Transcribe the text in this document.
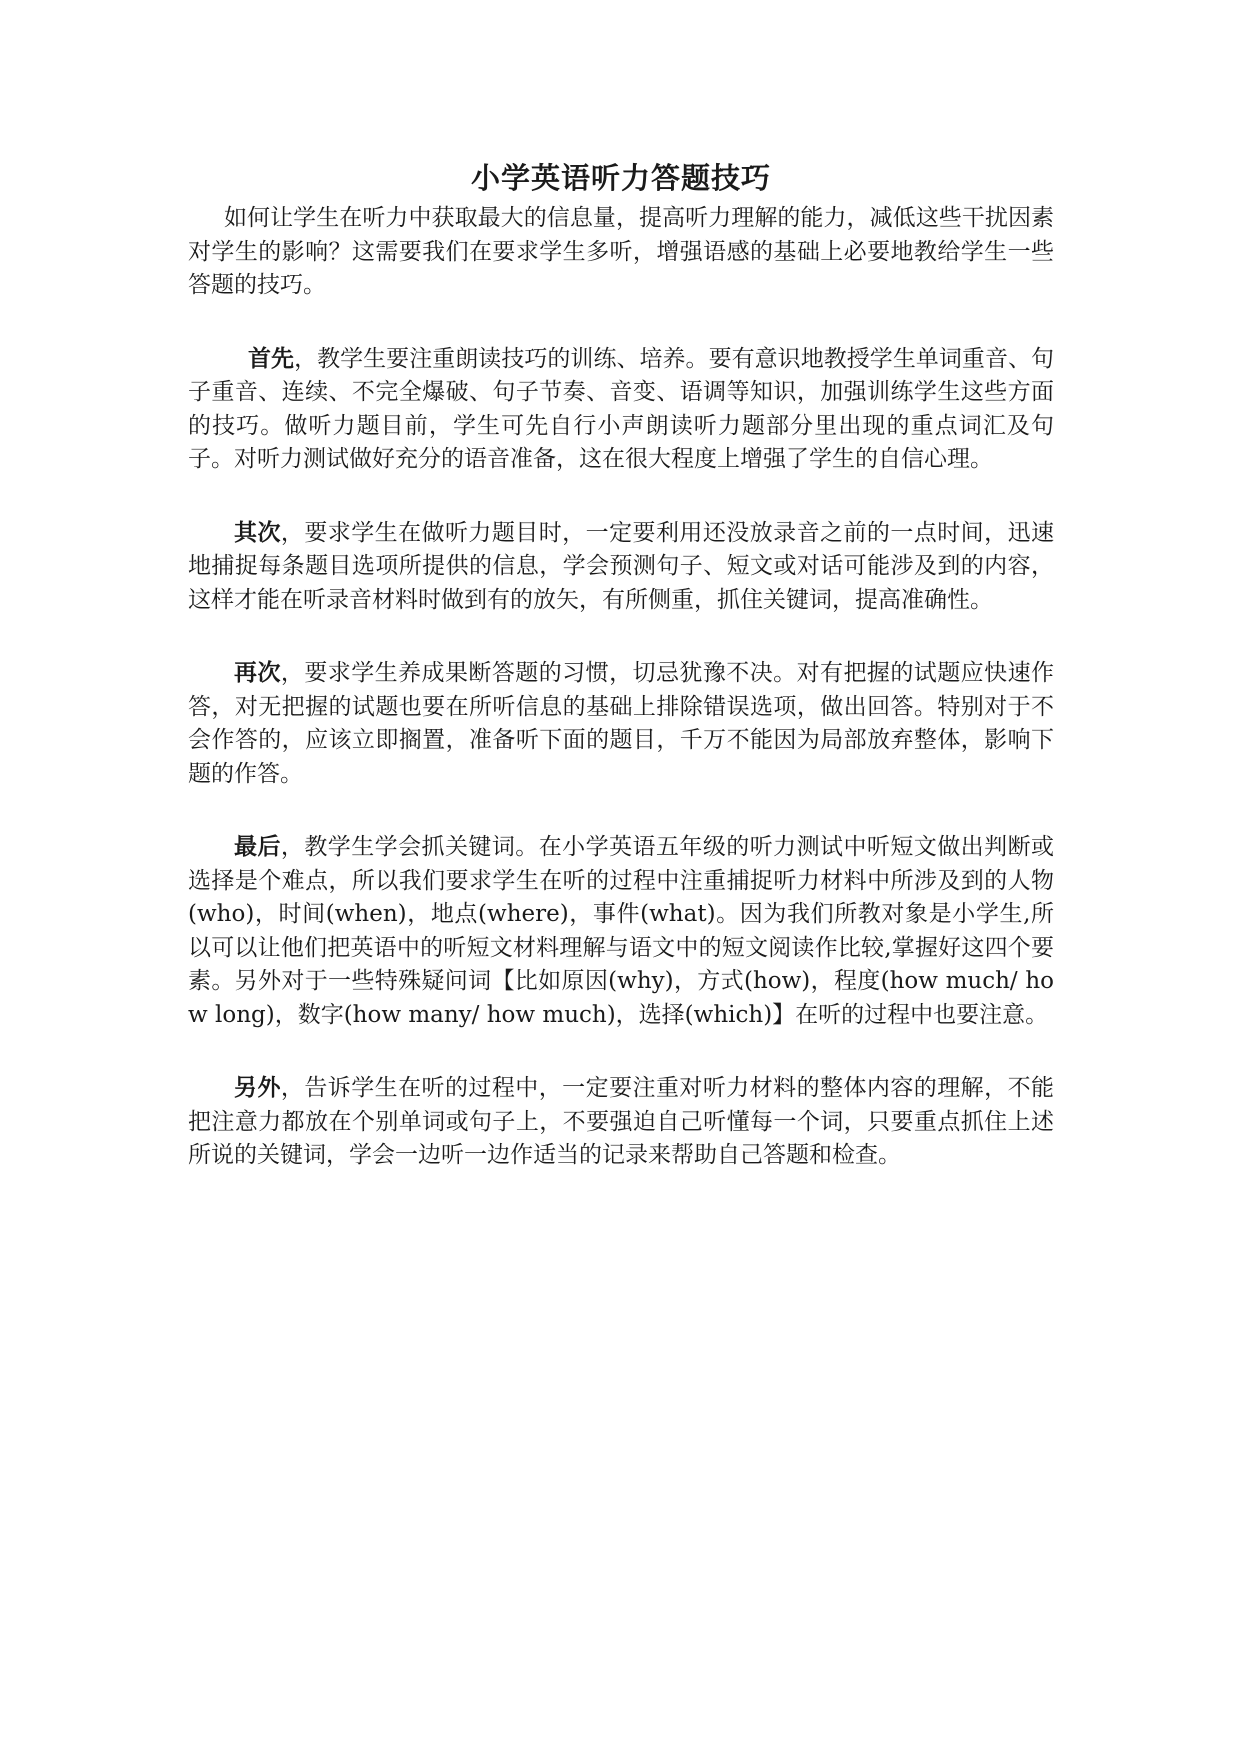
小学英语听力答题技巧

如何让学生在听力中获取最大的信息量，提高听力理解的能力，减低这些干扰因素对学生的影响？这需要我们在要求学生多听，增强语感的基础上必要地教给学生一些答题的技巧。

首先，教学生要注重朗读技巧的训练、培养。要有意识地教授学生单词重音、句子重音、连续、不完全爆破、句子节奏、音变、语调等知识，加强训练学生这些方面的技巧。做听力题目前，学生可先自行小声朗读听力题部分里出现的重点词汇及句子。对听力测试做好充分的语音准备，这在很大程度上增强了学生的自信心理。

其次，要求学生在做听力题目时，一定要利用还没放录音之前的一点时间，迅速地捕捉每条题目选项所提供的信息，学会预测句子、短文或对话可能涉及到的内容，这样才能在听录音材料时做到有的放矢，有所侧重，抓住关键词，提高准确性。

再次，要求学生养成果断答题的习惯，切忌犹豫不决。对有把握的试题应快速作答，对无把握的试题也要在所听信息的基础上排除错误选项，做出回答。特别对于不会作答的，应该立即搁置，准备听下面的题目，千万不能因为局部放弃整体，影响下题的作答。

最后，教学生学会抓关键词。在小学英语五年级的听力测试中听短文做出判断或选择是个难点，所以我们要求学生在听的过程中注重捕捉听力材料中所涉及到的人物(who)，时间(when)，地点(where)，事件(what)。因为我们所教对象是小学生,所以可以让他们把英语中的听短文材料理解与语文中的短文阅读作比较,掌握好这四个要素。另外对于一些特殊疑问词【比如原因(why)，方式(how)，程度(how much/ how long)，数字(how many/ how much)，选择(which)】在听的过程中也要注意。

另外，告诉学生在听的过程中，一定要注重对听力材料的整体内容的理解，不能把注意力都放在个别单词或句子上，不要强迫自己听懂每一个词，只要重点抓住上述所说的关键词，学会一边听一边作适当的记录来帮助自己答题和检查。
